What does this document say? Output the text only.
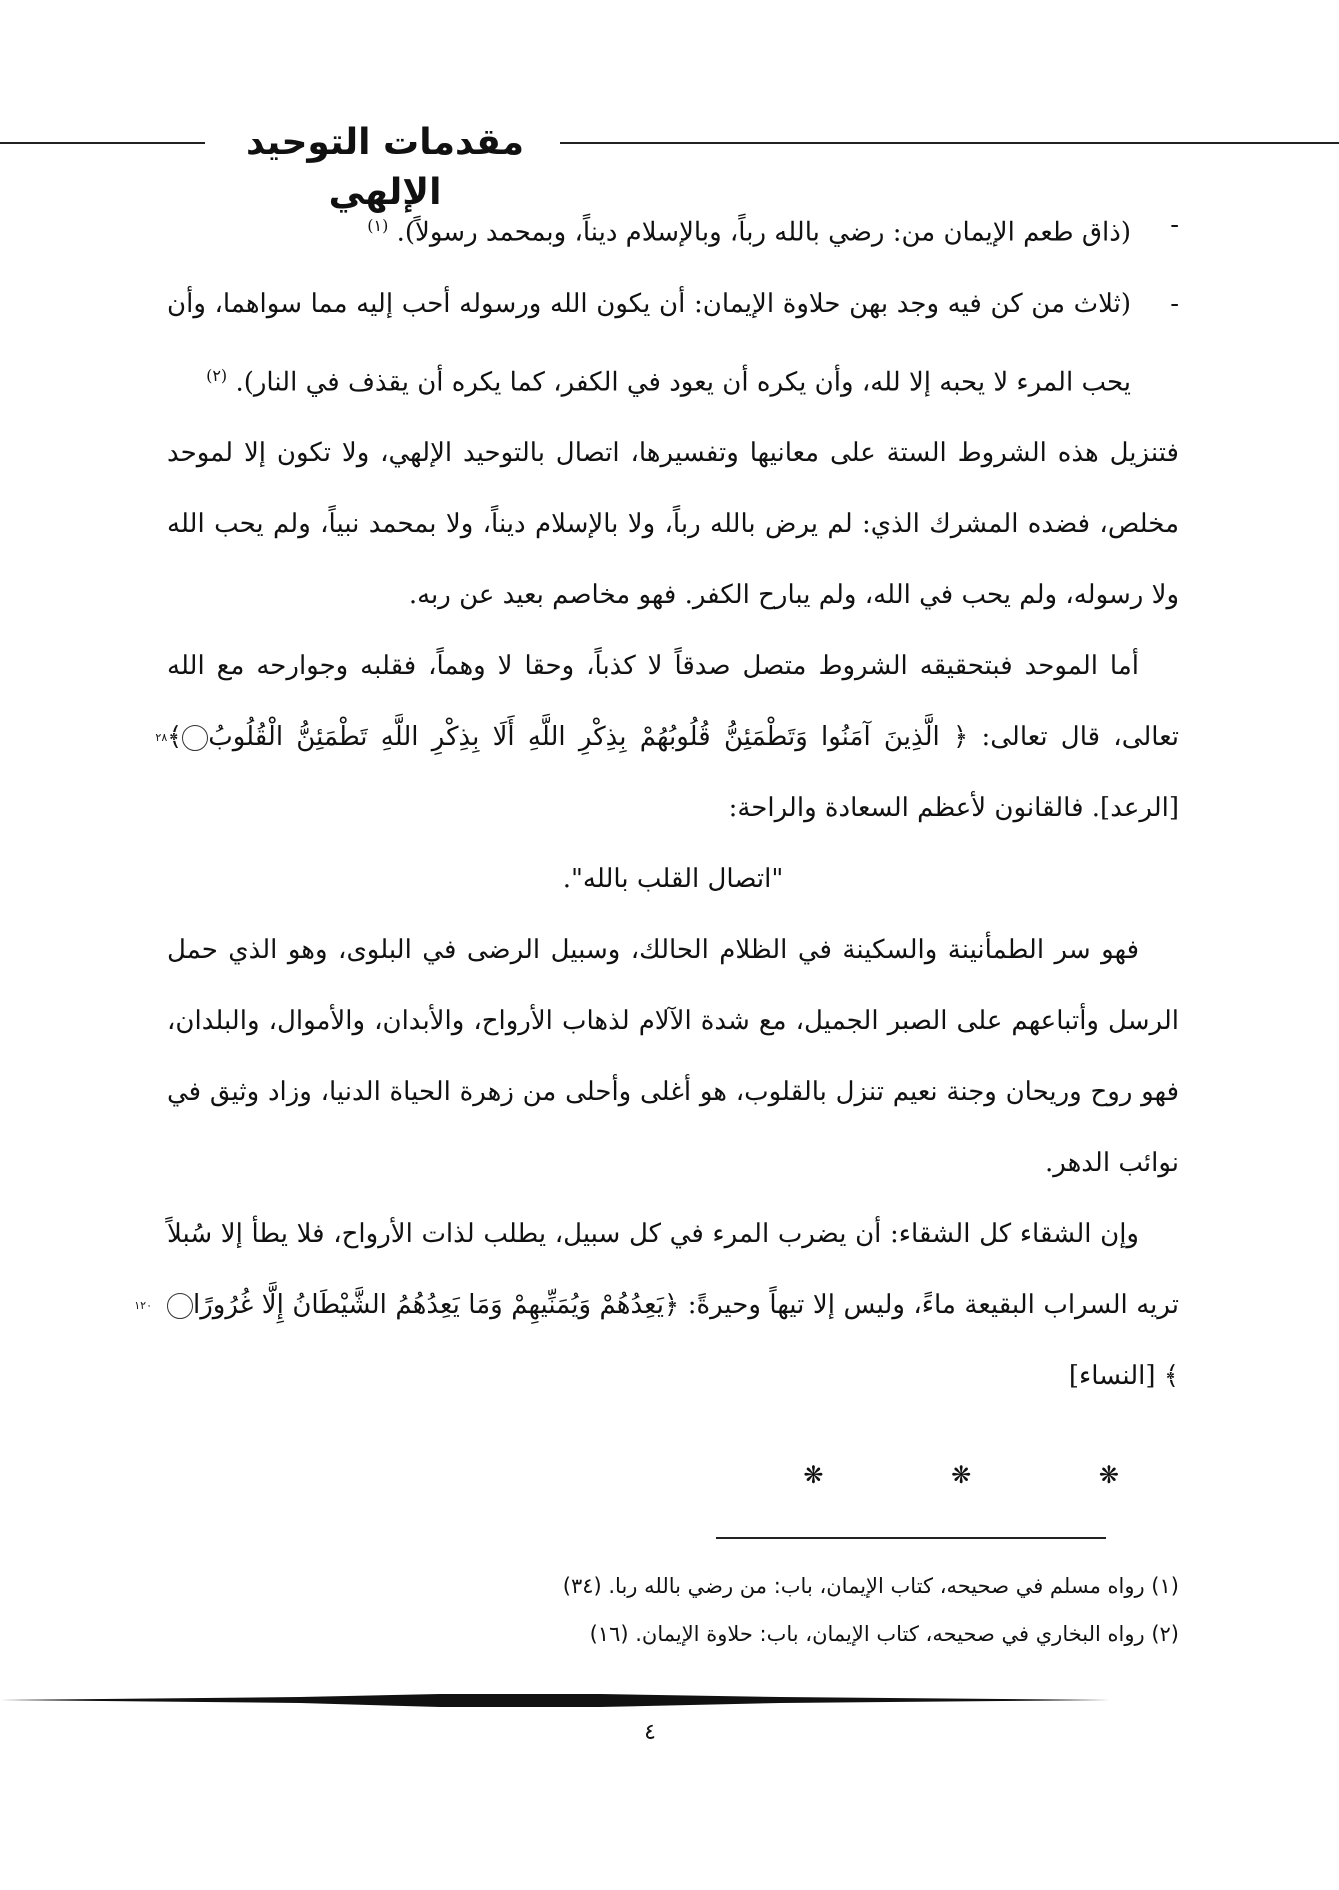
مقدمات التوحيد الإلهي

-
(ذاق طعم الإيمان من: رضي بالله رباً، وبالإسلام ديناً، وبمحمد رسولاً). $^{(١)}$

-
(ثلاث من كن فيه وجد بهن حلاوة الإيمان: أن يكون الله ورسوله أحب إليه مما سواهما، وأن يحب المرء لا يحبه إلا لله، وأن يكره أن يعود في الكفر، كما يكره أن يقذف في النار). $^{(٢)}$

فتنزيل هذه الشروط الستة على معانيها وتفسيرها، اتصال بالتوحيد الإلهي، ولا تكون إلا لموحد مخلص، فضده المشرك الذي: لم يرض بالله رباً، ولا بالإسلام ديناً، ولا بمحمد نبياً، ولم يحب الله ولا رسوله، ولم يحب في الله، ولم يبارح الكفر. فهو مخاصم بعيد عن ربه.

أما الموحد فبتحقيقه الشروط متصل صدقاً لا كذباً، وحقا لا وهماً، فقلبه وجوارحه مع الله تعالى، قال تعالى: ﴿ الَّذِينَ آمَنُوا وَتَطْمَئِنُّ قُلُوبُهُمْ بِذِكْرِ اللَّهِ أَلَا بِذِكْرِ اللَّهِ تَطْمَئِنُّ الْقُلُوبُ٢٨﴾ [الرعد]. فالقانون لأعظم السعادة والراحة:

"اتصال القلب بالله".

فهو سر الطمأنينة والسكينة في الظلام الحالك، وسبيل الرضى في البلوى، وهو الذي حمل الرسل وأتباعهم على الصبر الجميل، مع شدة الآلام لذهاب الأرواح، والأبدان، والأموال، والبلدان، فهو روح وريحان وجنة نعيم تنزل بالقلوب، هو أغلى وأحلى من زهرة الحياة الدنيا، وزاد وثيق في نوائب الدهر.

وإن الشقاء كل الشقاء: أن يضرب المرء في كل سبيل، يطلب لذات الأرواح، فلا يطأ إلا سُبلاً تريه السراب البقيعة ماءً، وليس إلا تيهاً وحيرةً: ﴿يَعِدُهُمْ وَيُمَنِّيهِمْ وَمَا يَعِدُهُمُ الشَّيْطَانُ إِلَّا غُرُورًا١٢٠﴾ [النساء]

❋ ❋ ❋
(١) رواه مسلم في صحيحه، كتاب الإيمان، باب: من رضي بالله ربا. (٣٤)
(٢) رواه البخاري في صحيحه، كتاب الإيمان، باب: حلاوة الإيمان. (١٦)
٤
